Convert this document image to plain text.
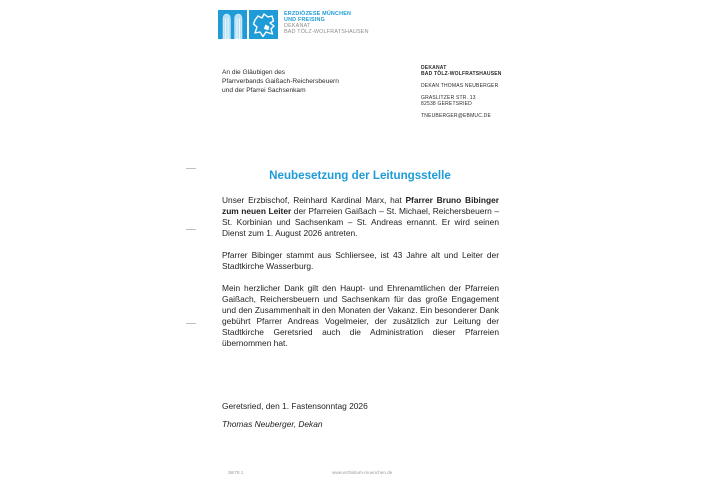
ERZDIÖZESE MÜNCHEN
UND FREISING
DEKANAT
BAD TÖLZ-WOLFRATSHAUSEN
An die Gläubigen des
Pfarrverbands Gaißach-Reichersbeuern
und der Pfarrei Sachsenkam
DEKANAT
BAD TÖLZ-WOLFRATSHAUSEN
DEKAN THOMAS NEUBERGER
GRASLITZER STR. 13
82538 GERETSRIED
TNEUBERGER@EBMUC.DE
Neubesetzung der Leitungsstelle

Unser Erzbischof, Reinhard Kardinal Marx, hat Pfarrer Bruno Bibinger zum neuen Leiter der Pfarreien Gaißach – St. Michael, Reichersbeuern – St. Korbinian und Sachsenkam – St. Andreas ernannt. Er wird seinen Dienst zum 1. August 2026 antreten.

Pfarrer Bibinger stammt aus Schliersee, ist 43 Jahre alt und Leiter der Stadtkirche Wasserburg.

Mein herzlicher Dank gilt den Haupt- und Ehrenamtlichen der Pfarreien Gaißach, Reichersbeuern und Sachsenkam für das große Engagement und den Zusammenhalt in den Monaten der Vakanz. Ein besonderer Dank gebührt Pfarrer Andreas Vogelmeier, der zusätzlich zur Leitung der Stadtkirche Geretsried auch die Administration dieser Pfarreien übernommen hat.

Geretsried, den 1. Fastensonntag 2026
Thomas Neuberger, Dekan
38/78 1	www.erzbistum-muenchen.de
